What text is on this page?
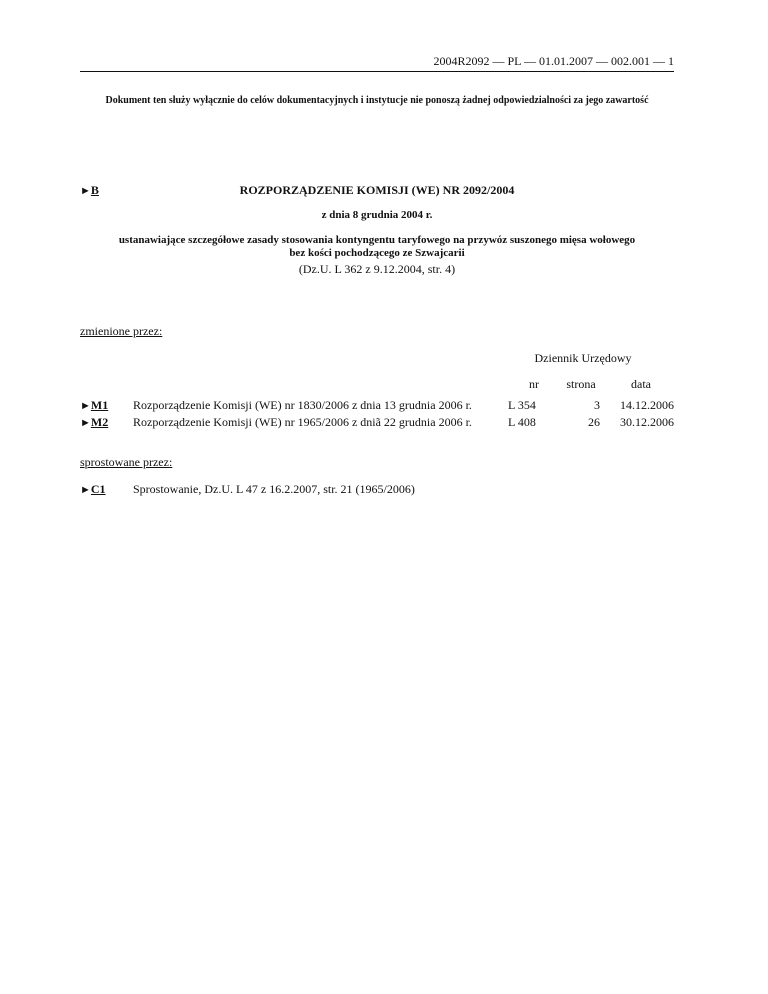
2004R2092 — PL — 01.01.2007 — 002.001 — 1
Dokument ten służy wyłącznie do celów dokumentacyjnych i instytucje nie ponoszą żadnej odpowiedzialności za jego zawartość
►B	ROZPORZĄDZENIE KOMISJI (WE) NR 2092/2004
z dnia 8 grudnia 2004 r.
ustanawiające szczegółowe zasady stosowania kontyngentu taryfowego na przywóz suszonego mięsa wołowego bez kości pochodzącego ze Szwajcarii
(Dz.U. L 362 z 9.12.2004, str. 4)
zmienione przez:
Dziennik Urzędowy
nr	strona	data
►M1 Rozporządzenie Komisji (WE) nr 1830/2006 z dnia 13 grudnia 2006 r.	L 354	3	14.12.2006
►M2 Rozporządzenie Komisji (WE) nr 1965/2006 z dniã 22 grudnia 2006 r.	L 408	26	30.12.2006
sprostowane przez:
►C1 Sprostowanie, Dz.U. L 47 z 16.2.2007, str. 21 (1965/2006)
